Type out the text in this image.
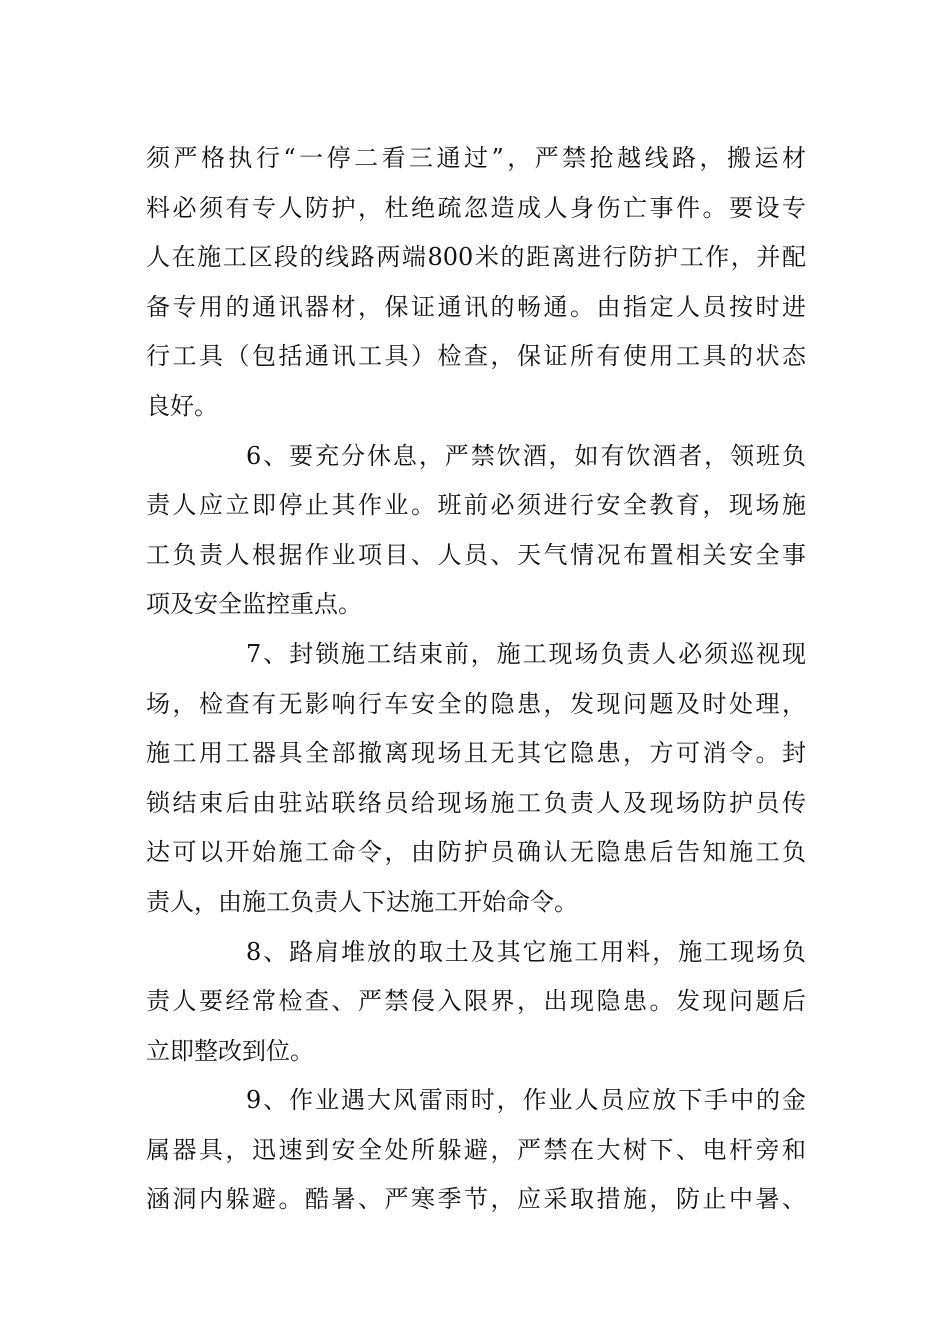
须严格执行“一停二看三通过”，严禁抢越线路，搬运材
料必须有专人防护，杜绝疏忽造成人身伤亡事件。要设专
人在施工区段的线路两端800米的距离进行防护工作，并配
备专用的通讯器材，保证通讯的畅通。由指定人员按时进
行工具（包括通讯工具）检查，保证所有使用工具的状态
良好。
6、要充分休息，严禁饮酒，如有饮酒者，领班负
责人应立即停止其作业。班前必须进行安全教育，现场施
工负责人根据作业项目、人员、天气情况布置相关安全事
项及安全监控重点。
7、封锁施工结束前，施工现场负责人必须巡视现
场，检查有无影响行车安全的隐患，发现问题及时处理，
施工用工器具全部撤离现场且无其它隐患，方可消令。封
锁结束后由驻站联络员给现场施工负责人及现场防护员传
达可以开始施工命令，由防护员确认无隐患后告知施工负
责人，由施工负责人下达施工开始命令。
8、路肩堆放的取土及其它施工用料，施工现场负
责人要经常检查、严禁侵入限界，出现隐患。发现问题后
立即整改到位。
9、作业遇大风雷雨时，作业人员应放下手中的金
属器具，迅速到安全处所躲避，严禁在大树下、电杆旁和
涵洞内躲避。酷暑、严寒季节，应采取措施，防止中暑、
